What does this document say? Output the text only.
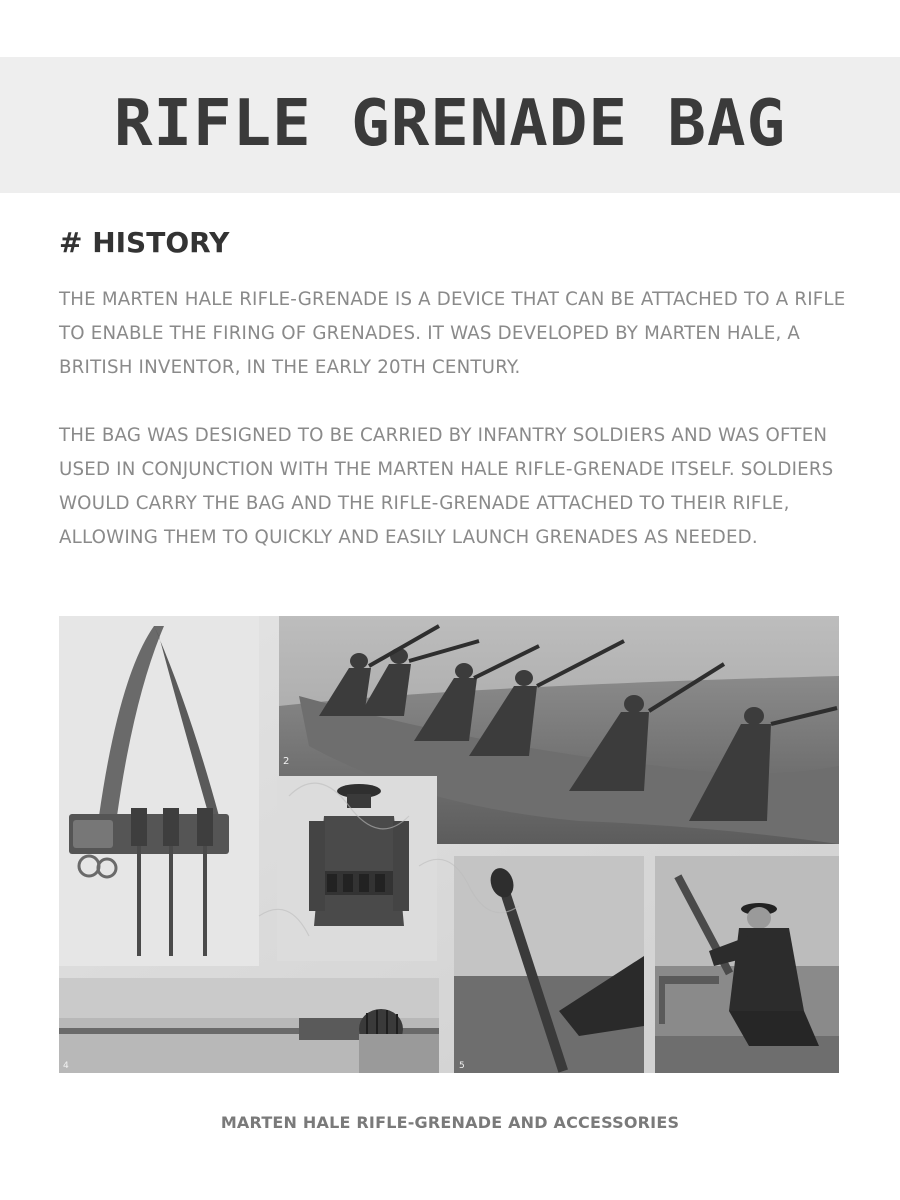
RIFLE GRENADE BAG
# HISTORY

THE MARTEN HALE RIFLE-GRENADE IS A DEVICE THAT CAN BE ATTACHED TO A RIFLE TO ENABLE THE FIRING OF GRENADES. IT WAS DEVELOPED BY MARTEN HALE, A BRITISH INVENTOR, IN THE EARLY 20TH CENTURY.

THE BAG WAS DESIGNED TO BE CARRIED BY INFANTRY SOLDIERS AND WAS OFTEN USED IN CONJUNCTION WITH THE MARTEN HALE RIFLE-GRENADE ITSELF. SOLDIERS WOULD CARRY THE BAG AND THE RIFLE-GRENADE ATTACHED TO THEIR RIFLE, ALLOWING THEM TO QUICKLY AND EASILY LAUNCH GRENADES AS NEEDED.

2
4	5
MARTEN HALE RIFLE-GRENADE AND ACCESSORIES
